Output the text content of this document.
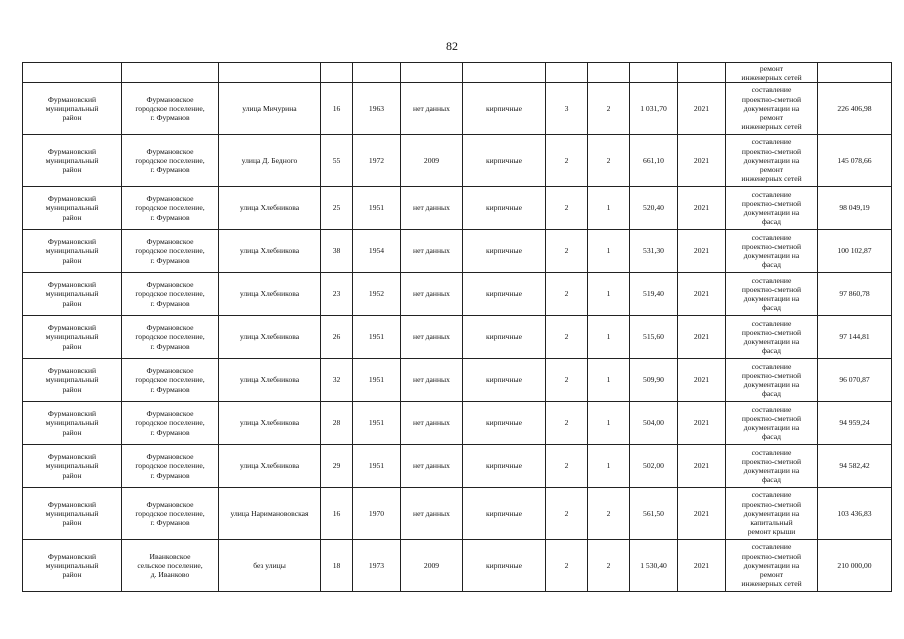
82

											ремонт
инженерных сетей	

Фурмановский
муниципальный
район	Фурмановское
городское поселение,
г. Фурманов	улица Мичурина	16	1963	нет данных	кирпичные	3	2	1 031,70	2021	составление
проектно-сметной
документации на
ремонт
инженерных сетей	226 406,98

Фурмановский
муниципальный
район	Фурмановское
городское поселение,
г. Фурманов	улица Д. Бедного	55	1972	2009	кирпичные	2	2	661,10	2021	составление
проектно-сметной
документации на
ремонт
инженерных сетей	145 078,66

Фурмановский
муниципальный
район	Фурмановское
городское поселение,
г. Фурманов	улица Хлебникова	25	1951	нет данных	кирпичные	2	1	520,40	2021	составление
проектно-сметной
документации на
фасад	98 049,19

Фурмановский
муниципальный
район	Фурмановское
городское поселение,
г. Фурманов	улица Хлебникова	38	1954	нет данных	кирпичные	2	1	531,30	2021	составление
проектно-сметной
документации на
фасад	100 102,87

Фурмановский
муниципальный
район	Фурмановское
городское поселение,
г. Фурманов	улица Хлебникова	23	1952	нет данных	кирпичные	2	1	519,40	2021	составление
проектно-сметной
документации на
фасад	97 860,78

Фурмановский
муниципальный
район	Фурмановское
городское поселение,
г. Фурманов	улица Хлебникова	26	1951	нет данных	кирпичные	2	1	515,60	2021	составление
проектно-сметной
документации на
фасад	97 144,81

Фурмановский
муниципальный
район	Фурмановское
городское поселение,
г. Фурманов	улица Хлебникова	32	1951	нет данных	кирпичные	2	1	509,90	2021	составление
проектно-сметной
документации на
фасад	96 070,87

Фурмановский
муниципальный
район	Фурмановское
городское поселение,
г. Фурманов	улица Хлебникова	28	1951	нет данных	кирпичные	2	1	504,00	2021	составление
проектно-сметной
документации на
фасад	94 959,24

Фурмановский
муниципальный
район	Фурмановское
городское поселение,
г. Фурманов	улица Хлебникова	29	1951	нет данных	кирпичные	2	1	502,00	2021	составление
проектно-сметной
документации на
фасад	94 582,42

Фурмановский
муниципальный
район	Фурмановское
городское поселение,
г. Фурманов	улица Нариманововская	16	1970	нет данных	кирпичные	2	2	561,50	2021	составление
проектно-сметной
документации на
капитальный
ремонт крыши	103 436,83

Фурмановский
муниципальный
район	Иванковское
сельское поселение,
д. Иванково	без улицы	18	1973	2009	кирпичные	2	2	1 530,40	2021	составление
проектно-сметной
документации на
ремонт
инженерных сетей	210 000,00
